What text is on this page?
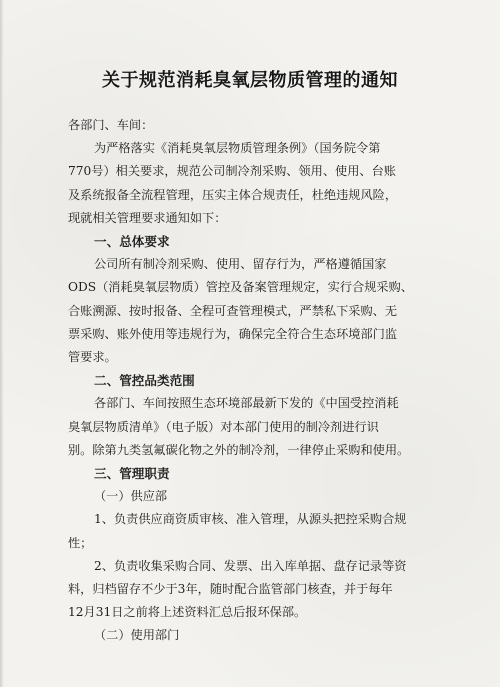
关于规范消耗臭氧层物质管理的通知
各部门、车间：
为严格落实《消耗臭氧层物质管理条例》（国务院令第
770号）相关要求，规范公司制冷剂采购、领用、使用、台账
及系统报备全流程管理，压实主体合规责任，杜绝违规风险，
现就相关管理要求通知如下：
一、总体要求
公司所有制冷剂采购、使用、留存行为，严格遵循国家
ODS（消耗臭氧层物质）管控及备案管理规定，实行合规采购、
合账溯源、按时报备、全程可查管理模式，严禁私下采购、无
票采购、账外使用等违规行为，确保完全符合生态环境部门监
管要求。
二、管控品类范围
各部门、车间按照生态环境部最新下发的《中国受控消耗
臭氧层物质清单》（电子版）对本部门使用的制冷剂进行识
别。除第九类氢氟碳化物之外的制冷剂，一律停止采购和使用。
三、管理职责
（一）供应部
1、负责供应商资质审核、准入管理，从源头把控采购合规
性；
2、负责收集采购合同、发票、出入库单据、盘存记录等资
料，归档留存不少于3年，随时配合监管部门核查，并于每年
12月31日之前将上述资料汇总后报环保部。
（二）使用部门
